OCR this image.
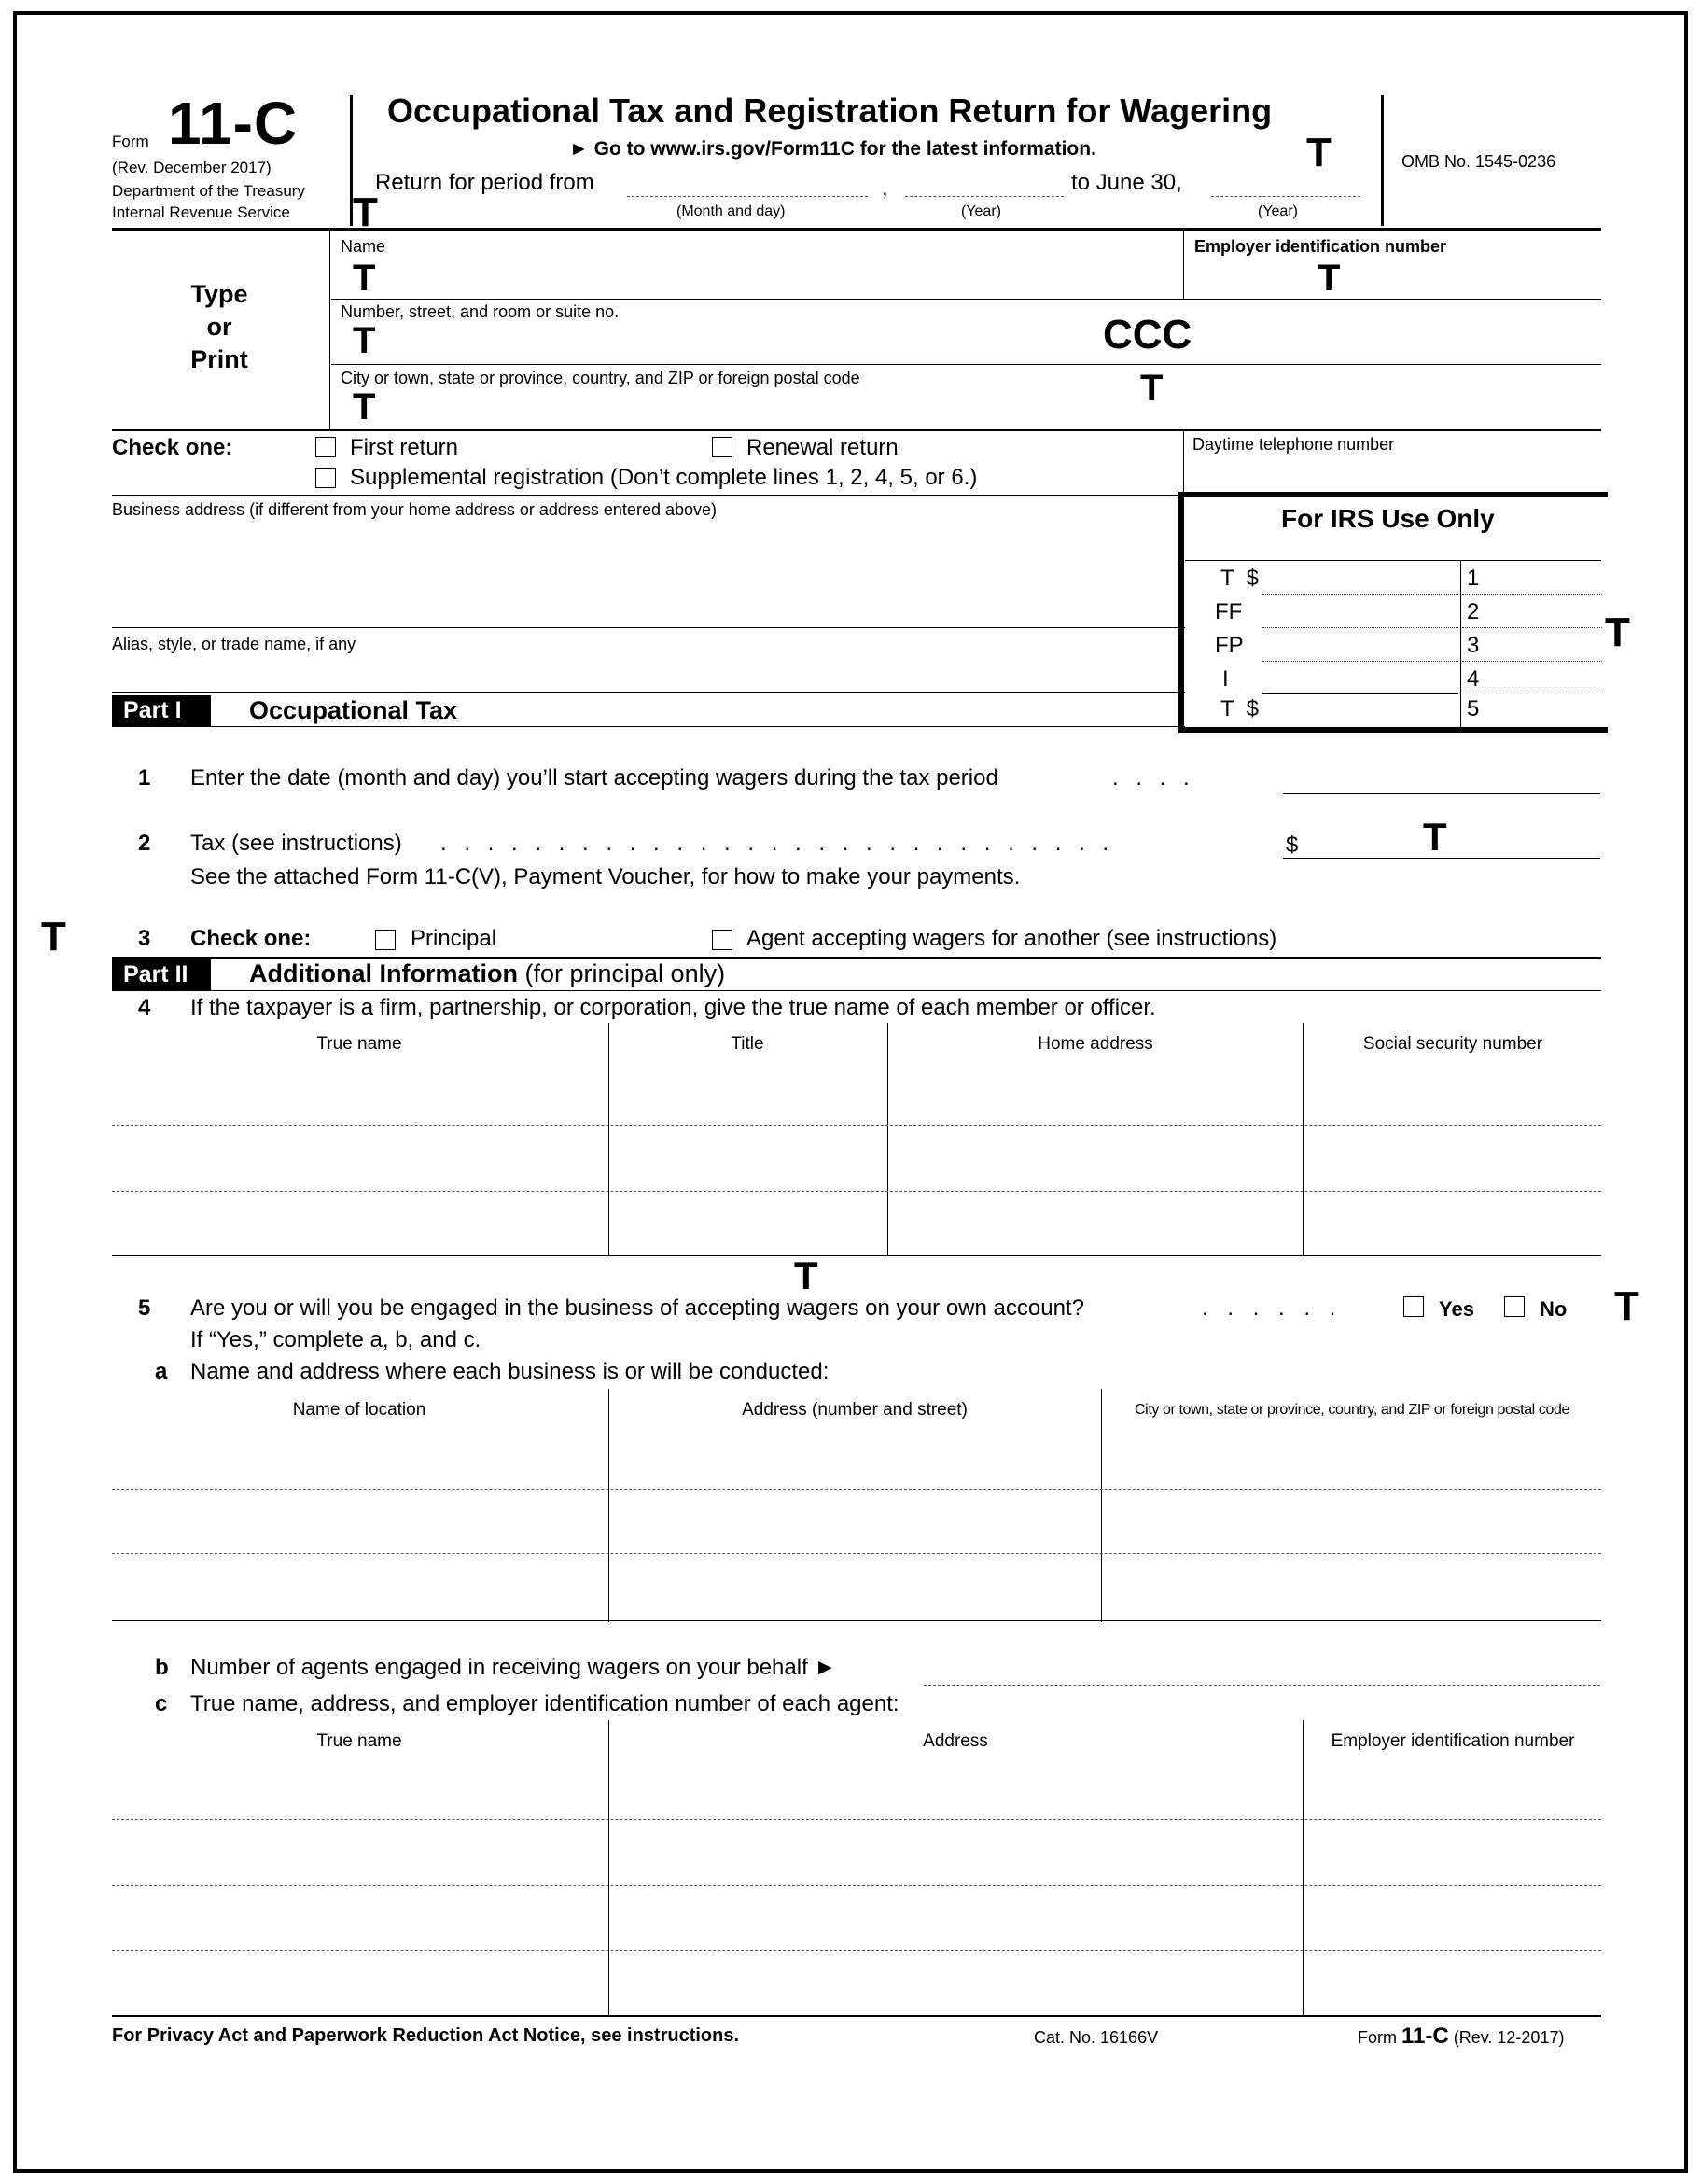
Form 11-C
(Rev. December 2017)
Department of the Treasury
Internal Revenue Service
Occupational Tax and Registration Return for Wagering
► Go to www.irs.gov/Form11C for the latest information.
Return for period from
(Month and day)
,
(Year)
to June 30,
(Year)
OMB No. 1545-0236
T
T
Type
or
Print
Name
T
Employer identification number
T
Number, street, and room or suite no.
T	CCC
City or town, state or province, country, and ZIP or foreign postal code
T	T
Check one:	First return	Renewal return
Supplemental registration (Don’t complete lines 1, 2, 4, 5, or 6.)
Daytime telephone number
Business address (if different from your home address or address entered above)
Alias, style, or trade name, if any
For IRS Use Only
T  $	1
FF	2
FP	3
I	4
T  $	5
T
Part I	Occupational Tax
1 Enter the date (month and day) you’ll start accepting wagers during the tax period	. . . .
2 Tax (see instructions) . . . . . . . . . . . . . . . . . . . . . . . . . . . . .	$	T
See the attached Form 11-C(V), Payment Voucher, for how to make your payments.
T	3 Check one:	Principal	Agent accepting wagers for another (see instructions)
Part II	Additional Information (for principal only)
4 If the taxpayer is a firm, partnership, or corporation, give the true name of each member or officer.
True name	Title	Home address	Social security number
T
5 Are you or will you be engaged in the business of accepting wagers on your own account?	. . . . . .	Yes	No T
If “Yes,” complete a, b, and c.
a Name and address where each business is or will be conducted:
Name of location	Address (number and street)	City or town, state or province, country, and ZIP or foreign postal code
b Number of agents engaged in receiving wagers on your behalf ►
c True name, address, and employer identification number of each agent:
True name	Address	Employer identification number
For Privacy Act and Paperwork Reduction Act Notice, see instructions.	Cat. No. 16166V	Form 11-C (Rev. 12-2017)
